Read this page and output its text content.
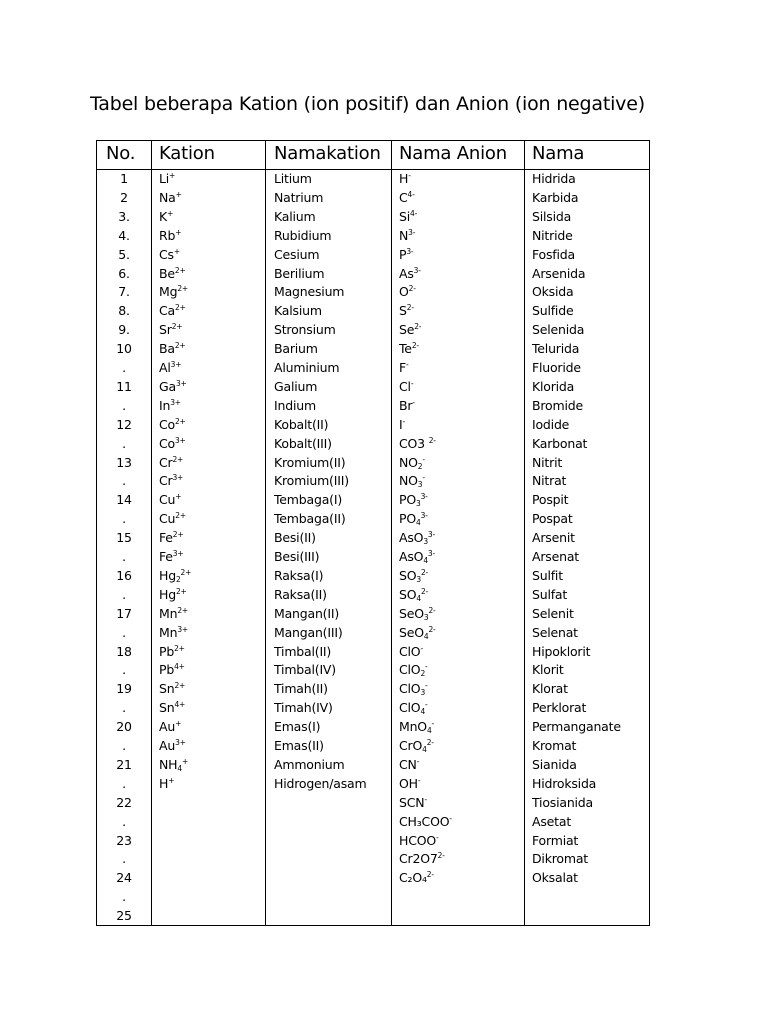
Tabel beberapa Kation (ion positif) dan Anion (ion negative)
No. Kation	Namakation Nama Anion Nama
1
2
3.
4.
5.
6.
7.
8.
9.
10
.
11
.
12
.
13
.
14
.
15
.
16
.
17
.
18
.
19
.
20
.
21
.
22
.
23
.
24
.
25
Li+
Na+
K+
Rb+
Cs+
$Be^{2+}$
$Mg^{2+}$
$Ca^{2+}$
$Sr^{2+}$
$Ba^{2+}$
$Al^{3+}$
$Ga^{3+}$
$In^{3+}$
$Co^{2+}$
$Co^{3+}$
$Cr^{2+}$
$Cr^{3+}$
Cu+
$Cu^{2+}$
$Fe^{2+}$
$Fe^{3+}$
$Hg_2^{2+}$
$Hg^{2+}$
$Mn^{2+}$
$Mn^{3+}$
$Pb^{2+}$
$Pb^{4+}$
$Sn^{2+}$
$Sn^{4+}$
Au+
$Au^{3+}$
$NH_4^+$
H+
Litium
Natrium
Kalium
Rubidium
Cesium
Berilium
Magnesium
Kalsium
Stronsium
Barium
Aluminium
Galium
Indium
Kobalt(II)
Kobalt(III)
Kromium(II)
Kromium(III)
Tembaga(I)
Tembaga(II)
Besi(II)
Besi(III)
Raksa(I)
Raksa(II)
Mangan(II)
Mangan(III)
Timbal(II)
Timbal(IV)
Timah(II)
Timah(IV)
Emas(I)
Emas(II)
Ammonium
Hidrogen/asam
H-
$C^{4-}$
$Si^{4-}$
$N^{3-}$
$P^{3-}$
$As^{3-}$
$O^{2-}$
$S^{2-}$
$Se^{2-}$
$Te^{2-}$
F-
Cl-
Br-
I-
CO3 $^{2-}$
$NO_2^-$
$NO_3^-$
$PO_3^{3-}$
$PO_4^{3-}$
AsO$_3^{3-}$
AsO$_4^{3-}$
$SO_3^{2-}$
$SO_4^{2-}$
SeO$_3^{2-}$
SeO$_4^{2-}$
ClO-
ClO$_2$-
ClO$_3$-
ClO$_4$-
MnO$_4$-
CrO$_4^{2-}$
CN-
OH-
SCN-
CH₃COO-
HCOO-
$Cr2O7^{2-}$
C₂O₄$^{2-}$
Hidrida
Karbida
Silsida
Nitride
Fosfida
Arsenida
Oksida
Sulfide
Selenida
Telurida
Fluoride
Klorida
Bromide
Iodide
Karbonat
Nitrit
Nitrat
Pospit
Pospat
Arsenit
Arsenat
Sulfit
Sulfat
Selenit
Selenat
Hipoklorit
Klorit
Klorat
Perklorat
Permanganate
Kromat
Sianida
Hidroksida
Tiosianida
Asetat
Formiat
Dikromat
Oksalat
